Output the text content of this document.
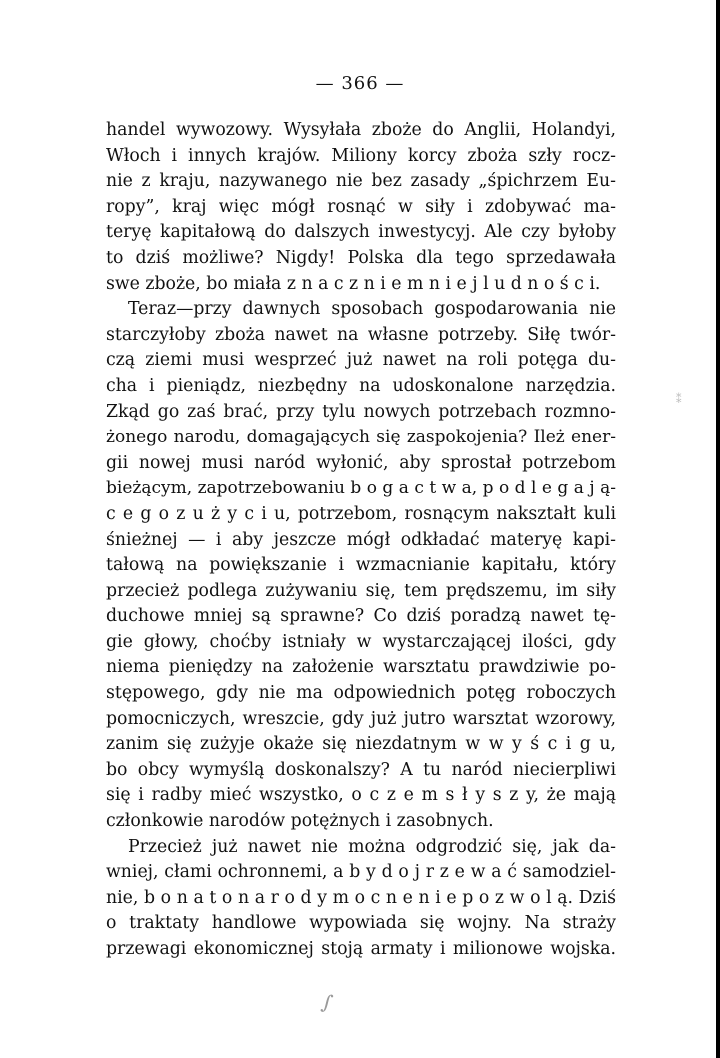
— 366 —
handel wywozowy. Wysyłała zboże do Anglii, Holandyi,
Włoch i innych krajów. Miliony korcy zboża szły rocz-
nie z kraju, nazywanego nie bez zasady „śpichrzem Eu-
ropy”, kraj więc mógł rosnąć w siły i zdobywać ma-
teryę kapitałową do dalszych inwestycyj. Ale czy byłoby
to dziś możliwe? Nigdy! Polska dla tego sprzedawała
swe zboże, bo miała z n a c z n i e m n i e j l u d n o ś c i.
Teraz—przy dawnych sposobach gospodarowania nie
starczyłoby zboża nawet na własne potrzeby. Siłę twór-
czą ziemi musi wesprzeć już nawet na roli potęga du-
cha i pieniądz, niezbędny na udoskonalone narzędzia.
Zkąd go zaś brać, przy tylu nowych potrzebach rozmno-
żonego narodu, domagających się zaspokojenia? Ileż ener-
gii nowej musi naród wyłonić, aby sprostał potrzebom
bieżącym, zapotrzebowaniu b o g a c t w a, p o d l e g a j ą-
c e g o z u ż y c i u, potrzebom, rosnącym nakształt kuli
śnieżnej — i aby jeszcze mógł odkładać materyę kapi-
tałową na powiększanie i wzmacnianie kapitału, który
przecież podlega zużywaniu się, tem prędszemu, im siły
duchowe mniej są sprawne? Co dziś poradzą nawet tę-
gie głowy, choćby istniały w wystarczającej ilości, gdy
niema pieniędzy na założenie warsztatu prawdziwie po-
stępowego, gdy nie ma odpowiednich potęg roboczych
pomocniczych, wreszcie, gdy już jutro warsztat wzorowy,
zanim się zużyje okaże się niezdatnym w w y ś c i g u,
bo obcy wymyślą doskonalszy? A tu naród niecierpliwi
się i radby mieć wszystko, o c z e m s ł y s z y, że mają
członkowie narodów potężnych i zasobnych.
Przecież już nawet nie można odgrodzić się, jak da-
wniej, cłami ochronnemi, a b y d o j r z e w a ć samodziel-
nie, b o n a t o n a r o d y m o c n e n i e p o z w o l ą. Dziś
o traktaty handlowe wypowiada się wojny. Na straży
przewagi ekonomicznej stoją armaty i milionowe wojska.
⁑
∫
